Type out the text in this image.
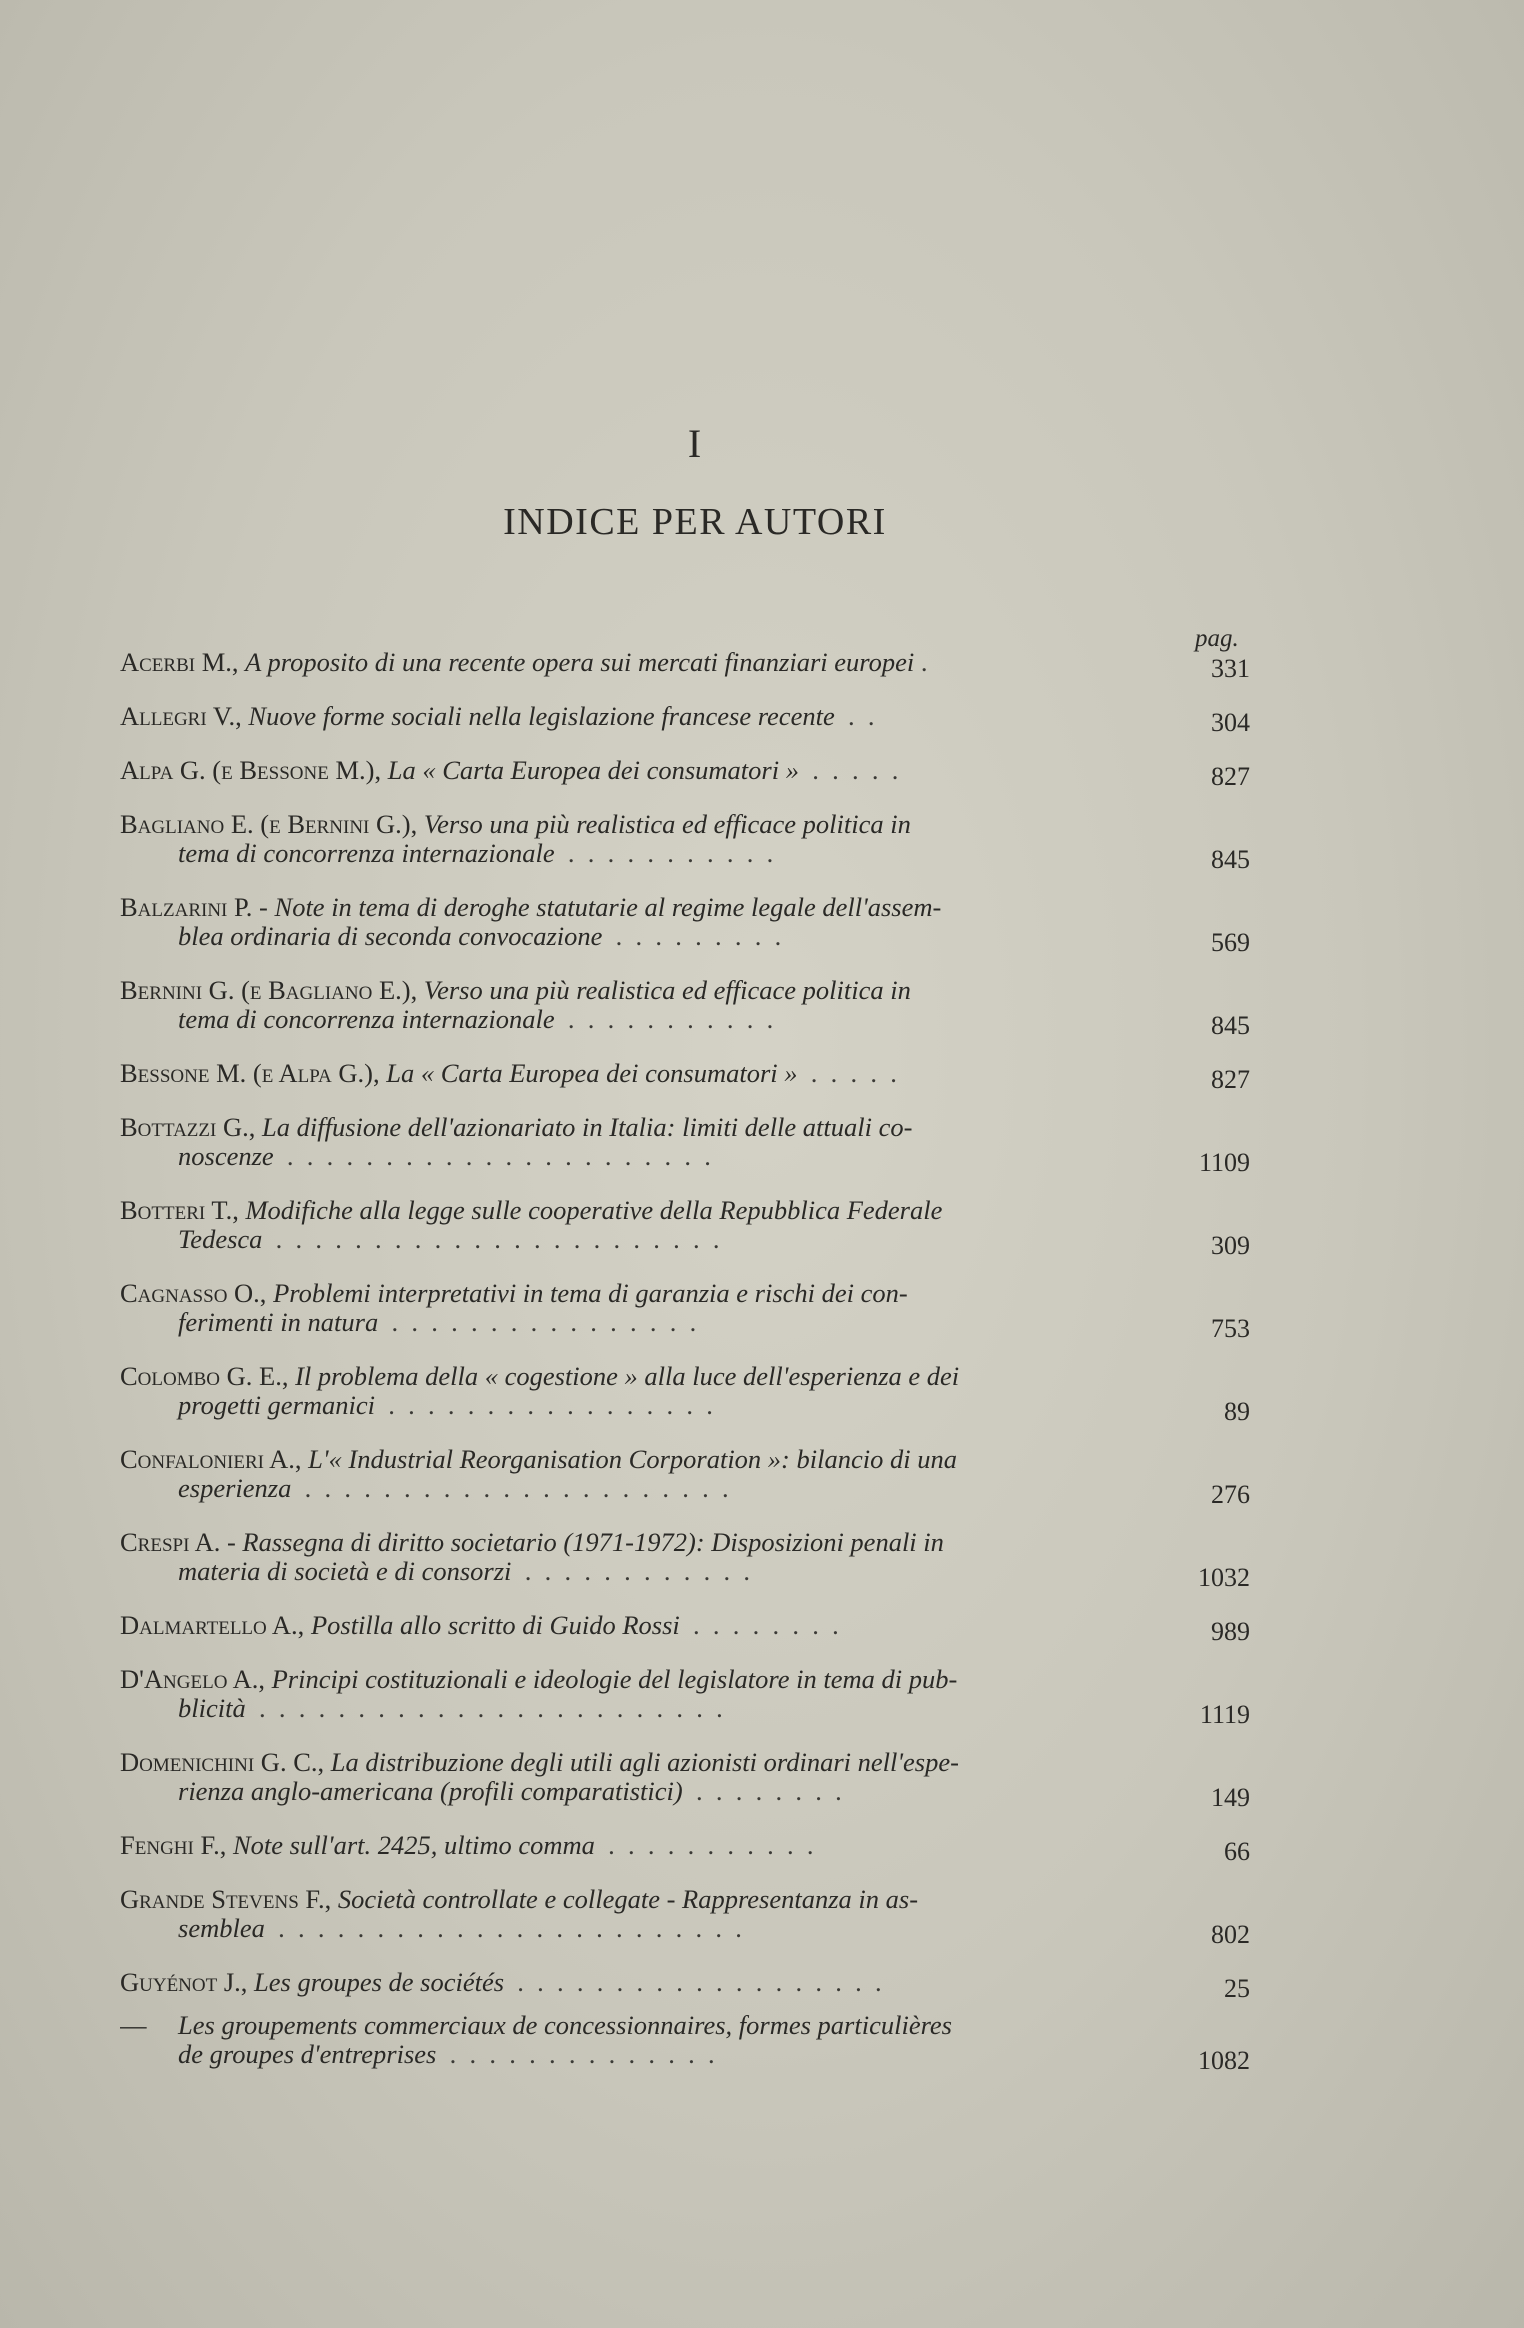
I
INDICE PER AUTORI
pag.
Acerbi M., A proposito di una recente opera sui mercati finanziari europei .	331
Allegri V., Nuove forme sociali nella legislazione francese recente  .  .	304
Alpa G. (e Bessone M.), La « Carta Europea dei consumatori »  .  .  .  .  .	827
Bagliano E. (e Bernini G.), Verso una più realistica ed efficace politica in
tema di concorrenza internazionale  .  .  .  .  .  .  .  .  .  .  .	845
Balzarini P. - Note in tema di deroghe statutarie al regime legale dell'assem-
blea ordinaria di seconda convocazione  .  .  .  .  .  .  .  .  .	569
Bernini G. (e Bagliano E.), Verso una più realistica ed efficace politica in
tema di concorrenza internazionale  .  .  .  .  .  .  .  .  .  .  .	845
Bessone M. (e Alpa G.), La « Carta Europea dei consumatori »  .  .  .  .  .	827
Bottazzi G., La diffusione dell'azionariato in Italia: limiti delle attuali co-
noscenze  .  .  .  .  .  .  .  .  .  .  .  .  .  .  .  .  .  .  .  .  .  .	1109
Botteri T., Modifiche alla legge sulle cooperative della Repubblica Federale
Tedesca  .  .  .  .  .  .  .  .  .  .  .  .  .  .  .  .  .  .  .  .  .  .  .	309
Cagnasso O., Problemi interpretativi in tema di garanzia e rischi dei con-
ferimenti in natura  .  .  .  .  .  .  .  .  .  .  .  .  .  .  .  .	753
Colombo G. E., Il problema della « cogestione » alla luce dell'esperienza e dei
progetti germanici  .  .  .  .  .  .  .  .  .  .  .  .  .  .  .  .  .	89
Confalonieri A., L'« Industrial Reorganisation Corporation »: bilancio di una
esperienza  .  .  .  .  .  .  .  .  .  .  .  .  .  .  .  .  .  .  .  .  .  .	276
Crespi A. - Rassegna di diritto societario (1971-1972): Disposizioni penali in
materia di società e di consorzi  .  .  .  .  .  .  .  .  .  .  .  .	1032
Dalmartello A., Postilla allo scritto di Guido Rossi  .  .  .  .  .  .  .  .	989
D'Angelo A., Principi costituzionali e ideologie del legislatore in tema di pub-
blicità  .  .  .  .  .  .  .  .  .  .  .  .  .  .  .  .  .  .  .  .  .  .  .  .	1119
Domenichini G. C., La distribuzione degli utili agli azionisti ordinari nell'espe-
rienza anglo-americana (profili comparatistici)  .  .  .  .  .  .  .  .	149
Fenghi F., Note sull'art. 2425, ultimo comma  .  .  .  .  .  .  .  .  .  .  .	66
Grande Stevens F., Società controllate e collegate - Rappresentanza in as-
semblea  .  .  .  .  .  .  .  .  .  .  .  .  .  .  .  .  .  .  .  .  .  .  .  .	802
Guyénot J., Les groupes de sociétés  .  .  .  .  .  .  .  .  .  .  .  .  .  .  .  .  .  .  .	25
— Les groupements commerciaux de concessionnaires, formes particulières
de groupes d'entreprises  .  .  .  .  .  .  .  .  .  .  .  .  .  .	1082
